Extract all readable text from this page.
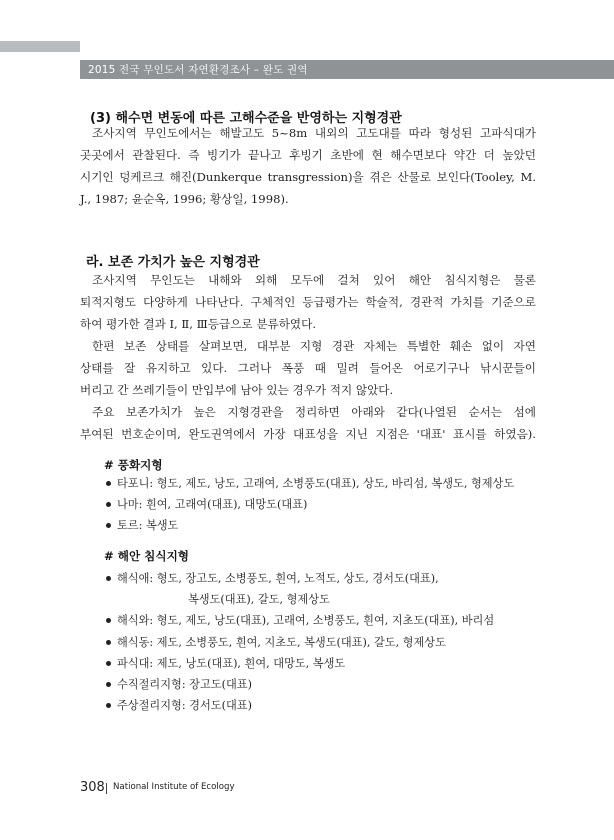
2015 전국 무인도서 자연환경조사 – 완도 권역
(3) 해수면 변동에 따른 고해수준을 반영하는 지형경관
조사지역 무인도에서는 해발고도 5~8m 내외의 고도대를 따라 형성된 고파식대가
곳곳에서 관찰된다. 즉 빙기가 끝나고 후빙기 초반에 현 해수면보다 약간 더 높았던
시기인 덩케르크 해진(Dunkerque transgression)을 겪은 산물로 보인다(Tooley, M.
J., 1987; 윤순옥, 1996; 황상일, 1998).
라. 보존 가치가 높은 지형경관
조사지역 무인도는 내해와 외해 모두에 걸쳐 있어 해안 침식지형은 물론
퇴적지형도 다양하게 나타난다. 구체적인 등급평가는 학술적, 경관적 가치를 기준으로
하여 평가한 결과 Ⅰ, Ⅱ, Ⅲ등급으로 분류하였다.
한편 보존 상태를 살펴보면, 대부분 지형 경관 자체는 특별한 훼손 없이 자연
상태를 잘 유지하고 있다. 그러나 폭풍 때 밀려 들어온 어로기구나 낚시꾼들이
버리고 간 쓰레기들이 만입부에 남아 있는 경우가 적지 않았다.
주요 보존가치가 높은 지형경관을 정리하면 아래와 같다(나열된 순서는 섬에
부여된 번호순이며, 완도권역에서 가장 대표성을 지닌 지점은 '대표' 표시를 하였음).
# 풍화지형
타포니: 형도, 제도, 낭도, 고래여, 소병풍도(대표), 상도, 바리섬, 복생도, 형제상도
나마: 흰여, 고래여(대표), 대망도(대표)
토르: 복생도
# 해안 침식지형
해식애: 형도, 장고도, 소병풍도, 흰여, 노적도, 상도, 경서도(대표),
복생도(대표), 갈도, 형제상도
해식와: 형도, 제도, 낭도(대표), 고래여, 소병풍도, 흰여, 지초도(대표), 바리섬
해식동: 제도, 소병풍도, 흰여, 지초도, 복생도(대표), 갈도, 형제상도
파식대: 제도, 낭도(대표), 흰여, 대망도, 복생도
수직절리지형: 장고도(대표)
주상절리지형: 경서도(대표)
308 National Institute of Ecology
